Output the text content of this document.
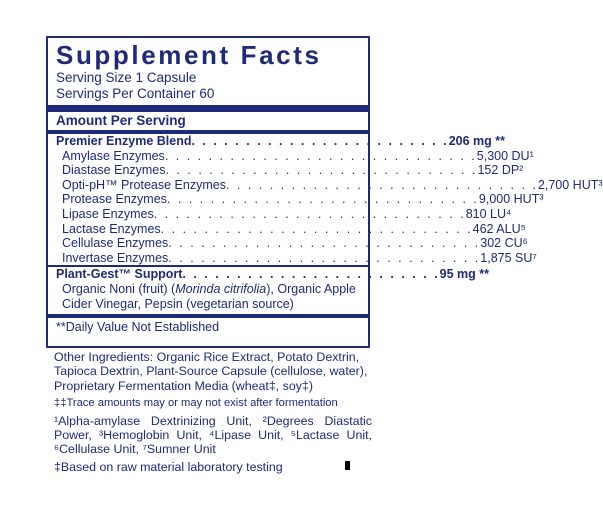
Supplement Facts
Serving Size 1 Capsule
Servings Per Container 60
Amount Per Serving
Premier Enzyme Blend . . . . . . . . . . . . . . . . . . . . . . . . 206 mg **
Amylase Enzymes . . . . . . . . . . . . . . . . . . . . . . . . . . . . . 5,300 DU¹
Diastase Enzymes . . . . . . . . . . . . . . . . . . . . . . . . . . . . . 152 DP²
Opti-pH™ Protease Enzymes . . . . . . . . . . . . . . . . . . . . . . . . . . . . . 2,700 HUT³
Protease Enzymes . . . . . . . . . . . . . . . . . . . . . . . . . . . . . 9,000 HUT³
Lipase Enzymes . . . . . . . . . . . . . . . . . . . . . . . . . . . . . 810 LU⁴
Lactase Enzymes . . . . . . . . . . . . . . . . . . . . . . . . . . . . . 462 ALU⁵
Cellulase Enzymes . . . . . . . . . . . . . . . . . . . . . . . . . . . . . 302 CU⁶
Invertase Enzymes . . . . . . . . . . . . . . . . . . . . . . . . . . . . . 1,875 SU⁷
Plant-Gest™ Support . . . . . . . . . . . . . . . . . . . . . . . . 95 mg **
Organic Noni (fruit) (Morinda citrifolia), Organic Apple Cider Vinegar, Pepsin (vegetarian source)
**Daily Value Not Established

Other Ingredients: Organic Rice Extract, Potato Dextrin, Tapioca Dextrin, Plant-Source Capsule (cellulose, water), Proprietary Fermentation Media (wheat‡, soy‡)

‡‡Trace amounts may or may not exist after formentation

¹Alpha-amylase Dextrinizing Unit, ²Degrees Diastatic Power, ³Hemoglobin Unit, ⁴Lipase Unit, ⁵Lactase Unit, ⁶Cellulase Unit, ⁷Sumner Unit

‡Based on raw material laboratory testing
